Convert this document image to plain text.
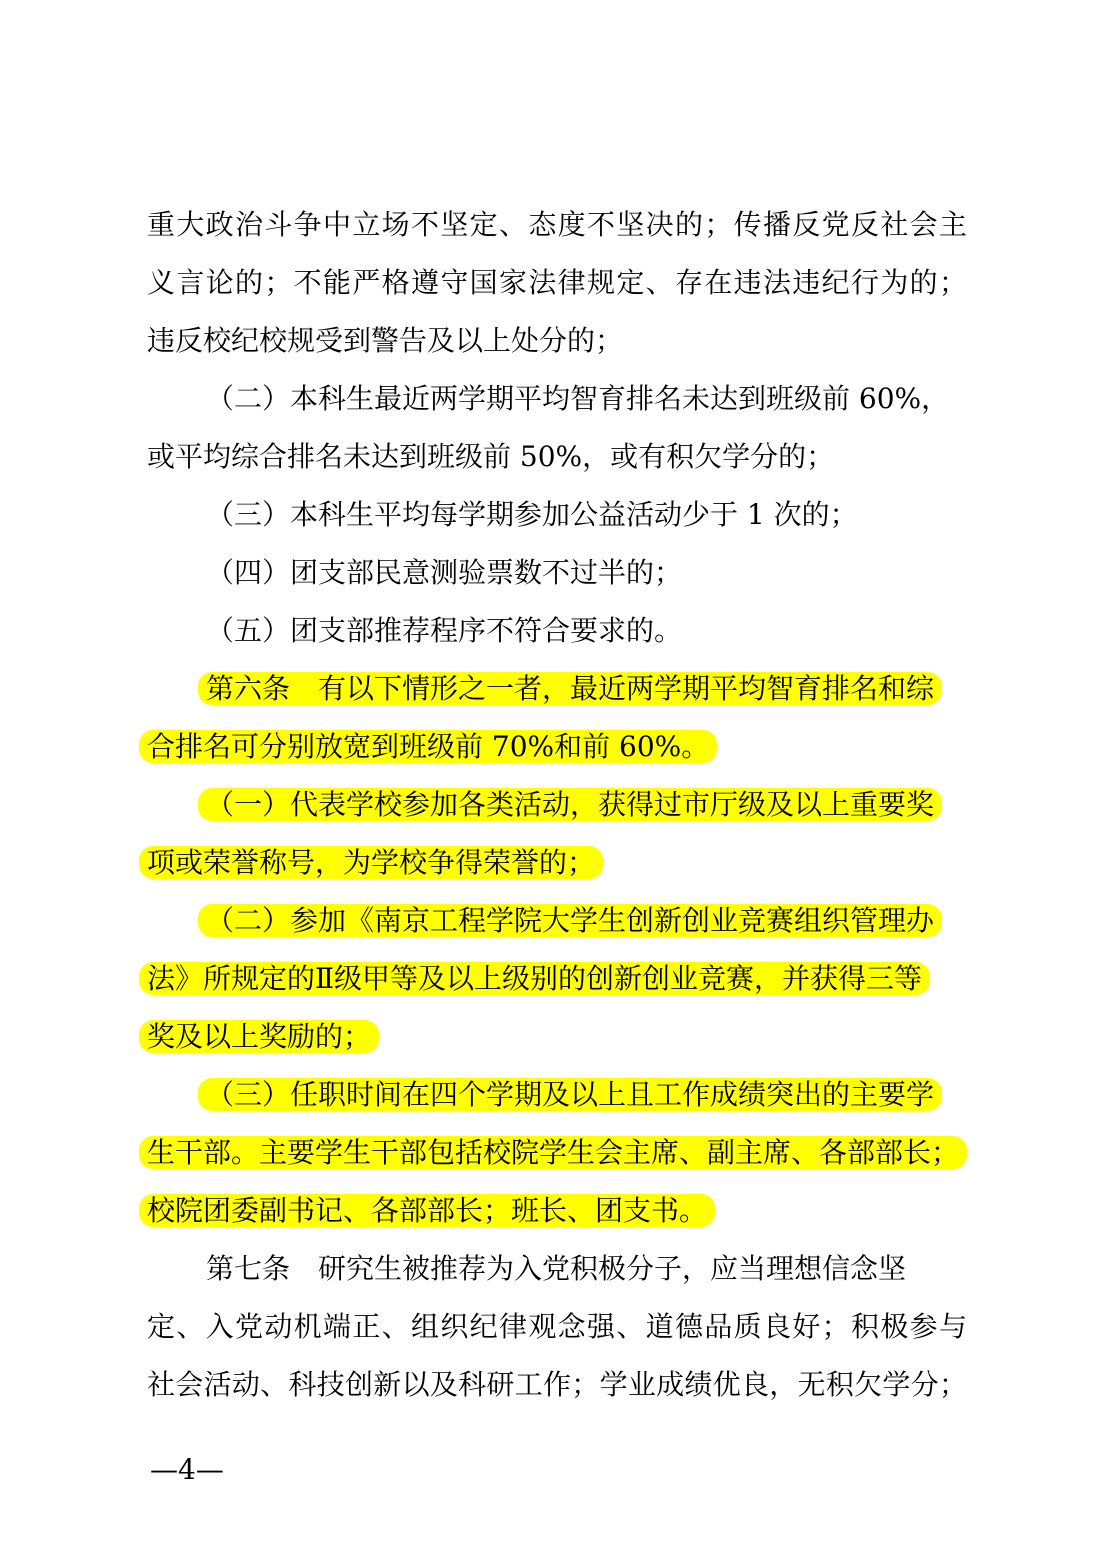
重大政治斗争中立场不坚定、态度不坚决的；传播反党反社会主
义言论的；不能严格遵守国家法律规定、存在违法违纪行为的；
违反校纪校规受到警告及以上处分的；
（二）本科生最近两学期平均智育排名未达到班级前 60%，
或平均综合排名未达到班级前 50%，或有积欠学分的；
（三）本科生平均每学期参加公益活动少于 1 次的；
（四）团支部民意测验票数不过半的；
（五）团支部推荐程序不符合要求的。
第六条　有以下情形之一者，最近两学期平均智育排名和综
合排名可分别放宽到班级前 70%和前 60%。
（一）代表学校参加各类活动，获得过市厅级及以上重要奖
项或荣誉称号，为学校争得荣誉的；
（二）参加《南京工程学院大学生创新创业竞赛组织管理办
法》所规定的Ⅱ级甲等及以上级别的创新创业竞赛，并获得三等
奖及以上奖励的；
（三）任职时间在四个学期及以上且工作成绩突出的主要学
生干部。主要学生干部包括校院学生会主席、副主席、各部部长；
校院团委副书记、各部部长；班长、团支书。
第七条　研究生被推荐为入党积极分子，应当理想信念坚
定、入党动机端正、组织纪律观念强、道德品质良好；积极参与
社会活动、科技创新以及科研工作；学业成绩优良，无积欠学分；
—4—
